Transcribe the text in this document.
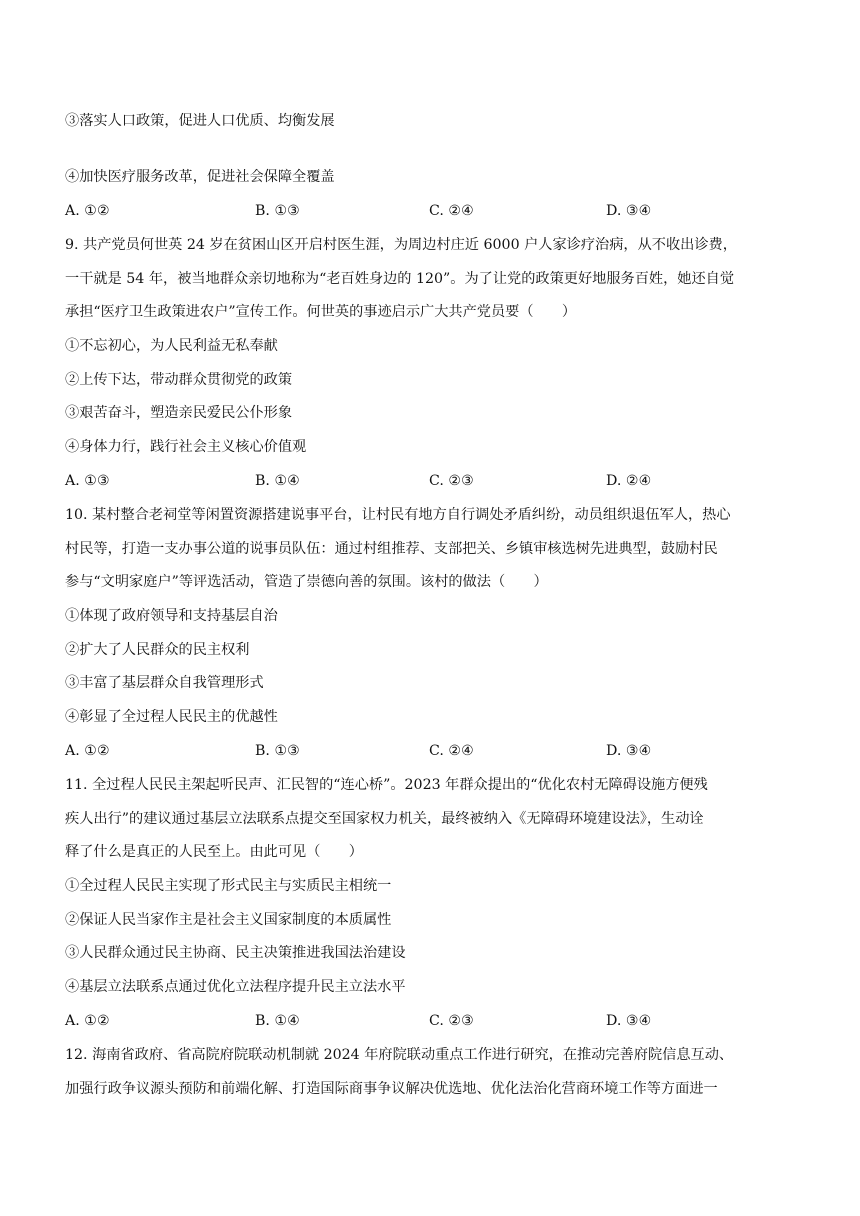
③落实人口政策，促进人口优质、均衡发展
④加快医疗服务改革，促进社会保障全覆盖
A. ①②	B. ①③	C. ②④	D. ③④
9. 共产党员何世英 24 岁在贫困山区开启村医生涯，为周边村庄近 6000 户人家诊疗治病，从不收出诊费，
一干就是 54 年，被当地群众亲切地称为“老百姓身边的 120”。为了让党的政策更好地服务百姓，她还自觉
承担“医疗卫生政策进农户”宣传工作。何世英的事迹启示广大共产党员要（　　）
①不忘初心，为人民利益无私奉献
②上传下达，带动群众贯彻党的政策
③艰苦奋斗，塑造亲民爱民公仆形象
④身体力行，践行社会主义核心价值观
A. ①③	B. ①④	C. ②③	D. ②④
10. 某村整合老祠堂等闲置资源搭建说事平台，让村民有地方自行调处矛盾纠纷，动员组织退伍军人，热心
村民等，打造一支办事公道的说事员队伍：通过村组推荐、支部把关、乡镇审核选树先进典型，鼓励村民
参与“文明家庭户”等评选活动，管造了崇德向善的氛围。该村的做法（　　）
①体现了政府领导和支持基层自治
②扩大了人民群众的民主权利
③丰富了基层群众自我管理形式
④彰显了全过程人民民主的优越性
A. ①②	B. ①③	C. ②④	D. ③④
11. 全过程人民民主架起听民声、汇民智的“连心桥”。2023 年群众提出的“优化农村无障碍设施方便残
疾人出行”的建议通过基层立法联系点提交至国家权力机关，最终被纳入《无障碍环境建设法》，生动诠
释了什么是真正的人民至上。由此可见（　　）
①全过程人民民主实现了形式民主与实质民主相统一
②保证人民当家作主是社会主义国家制度的本质属性
③人民群众通过民主协商、民主决策推进我国法治建设
④基层立法联系点通过优化立法程序提升民主立法水平
A. ①②	B. ①④	C. ②③	D. ③④
12. 海南省政府、省高院府院联动机制就 2024 年府院联动重点工作进行研究，在推动完善府院信息互动、
加强行政争议源头预防和前端化解、打造国际商事争议解决优选地、优化法治化营商环境工作等方面进一
